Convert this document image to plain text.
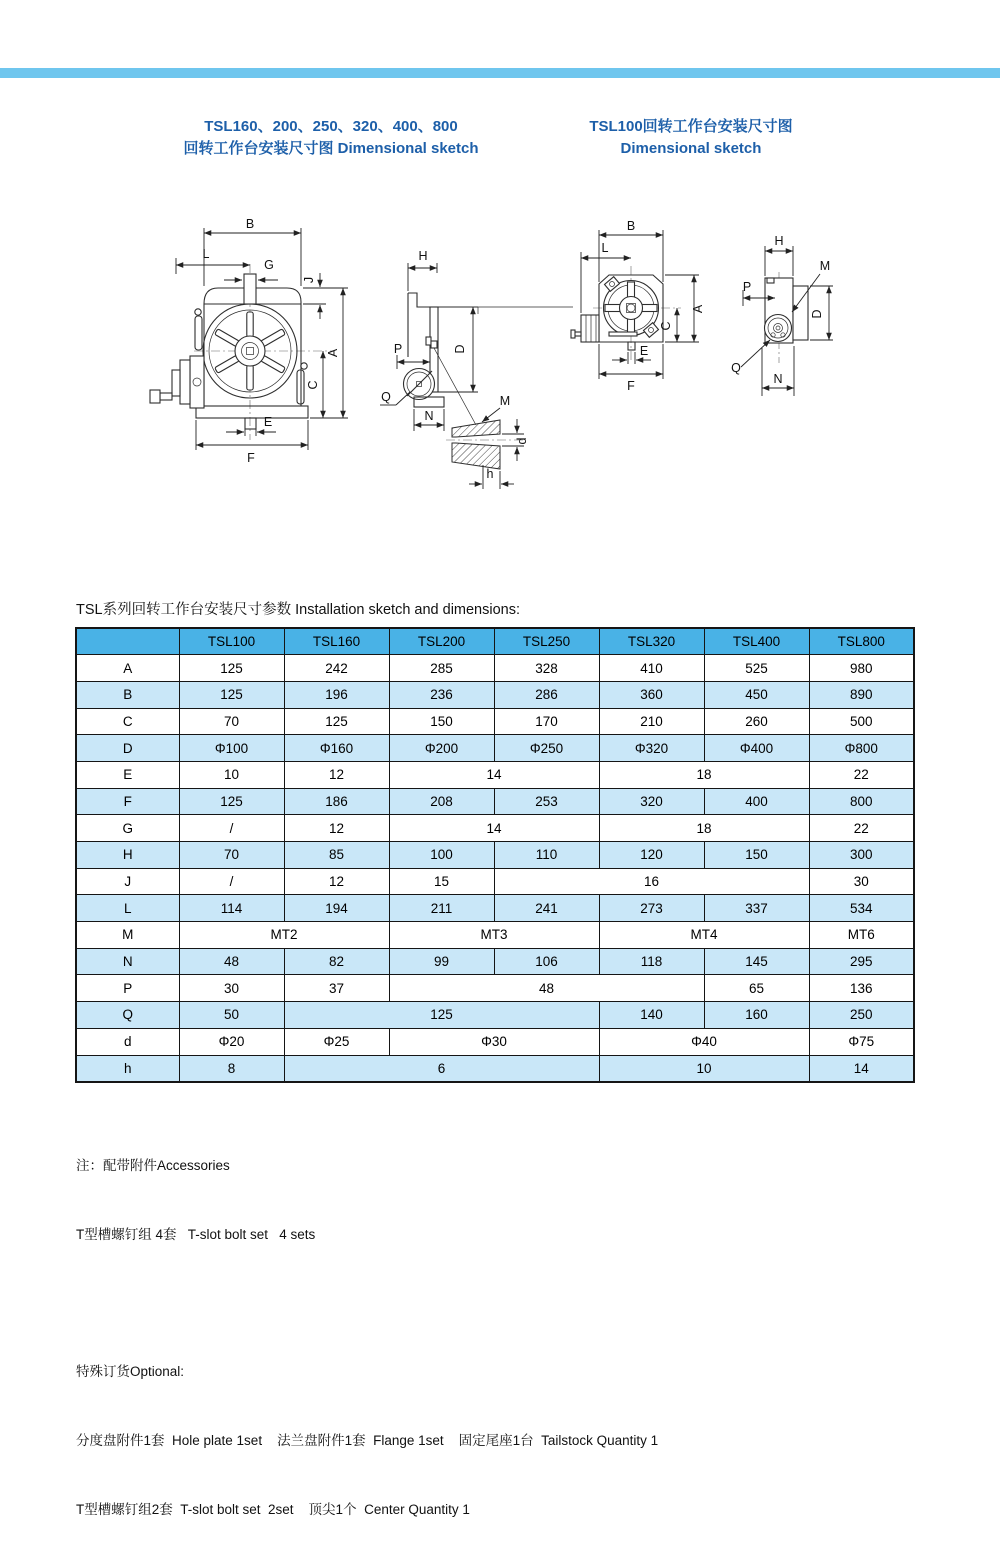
TSL160、200、250、320、400、800
回转工作台安装尺寸图 Dimensional sketch
TSL100回转工作台安装尺寸图
Dimensional sketch
B
L
G
J
A
C
E
F
H
P
Q
N
D
M
d
h
B
L
A
C
E
F
H
M
P
D
Q
N
TSL系列回转工作台安装尺寸参数 Installation sketch and dimensions:
	TSL100	TSL160	TSL200	TSL250	TSL320	TSL400	TSL800
A	125	242	285	328	410	525	980
B	125	196	236	286	360	450	890
C	70	125	150	170	210	260	500
D	Φ100	Φ160	Φ200	Φ250	Φ320	Φ400	Φ800
E	10	12	14		18		22
F	125	186	208	253	320	400	800
G	/	12	14		18		22
H	70	85	100	110	120	150	300
J	/	12	15	16			30
L	114	194	211	241	273	337	534
M	MT2		MT3		MT4		MT6
N	48	82	99	106	118	145	295
P	30	37	48			65	136
Q	50	125			140	160	250
d	Φ20	Φ25	Φ30		Φ40		Φ75
h	8	6			10		14

注：配带附件Accessories

T型槽螺钉组 4套   T-slot bolt set   4 sets

特殊订货Optional:

分度盘附件1套  Hole plate 1set    法兰盘附件1套  Flange 1set    固定尾座1台  Tailstock Quantity 1

T型槽螺钉组2套  T-slot bolt set  2set    顶尖1个  Center Quantity 1
